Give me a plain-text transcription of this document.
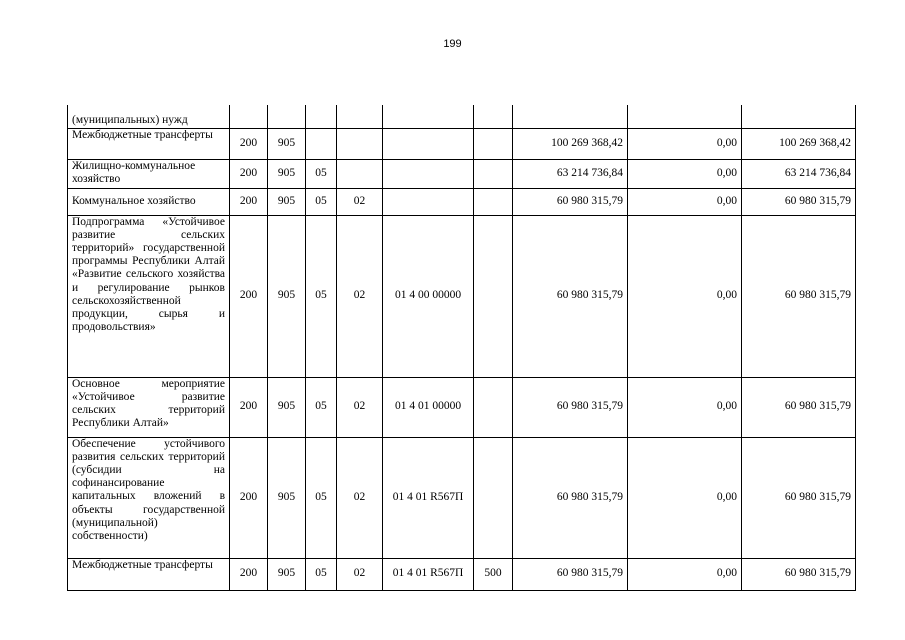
199
(муниципальных) нужд									
Межбюджетные трансферты	200	905					100 269 368,42	0,00	100 269 368,42
Жилищно-коммунальное хозяйство	200	905	05				63 214 736,84	0,00	63 214 736,84
Коммунальное хозяйство	200	905	05	02			60 980 315,79	0,00	60 980 315,79
Подпрограмма «Устойчивое развитие сельских территорий» государственной программы Республики Алтай «Развитие сельского хозяйства и регулирование рынков сельскохозяйственной продукции, сырья и продовольствия»	200	905	05	02	01 4 00 00000		60 980 315,79	0,00	60 980 315,79
Основное мероприятие «Устойчивое развитие сельских территорий Республики Алтай»	200	905	05	02	01 4 01 00000		60 980 315,79	0,00	60 980 315,79
Обеспечение устойчивого развития сельских территорий (субсидии на софинансирование капитальных вложений в объекты государственной (муниципальной) собственности)	200	905	05	02	01 4 01 R567П		60 980 315,79	0,00	60 980 315,79
Межбюджетные трансферты	200	905	05	02	01 4 01 R567П	500	60 980 315,79	0,00	60 980 315,79
